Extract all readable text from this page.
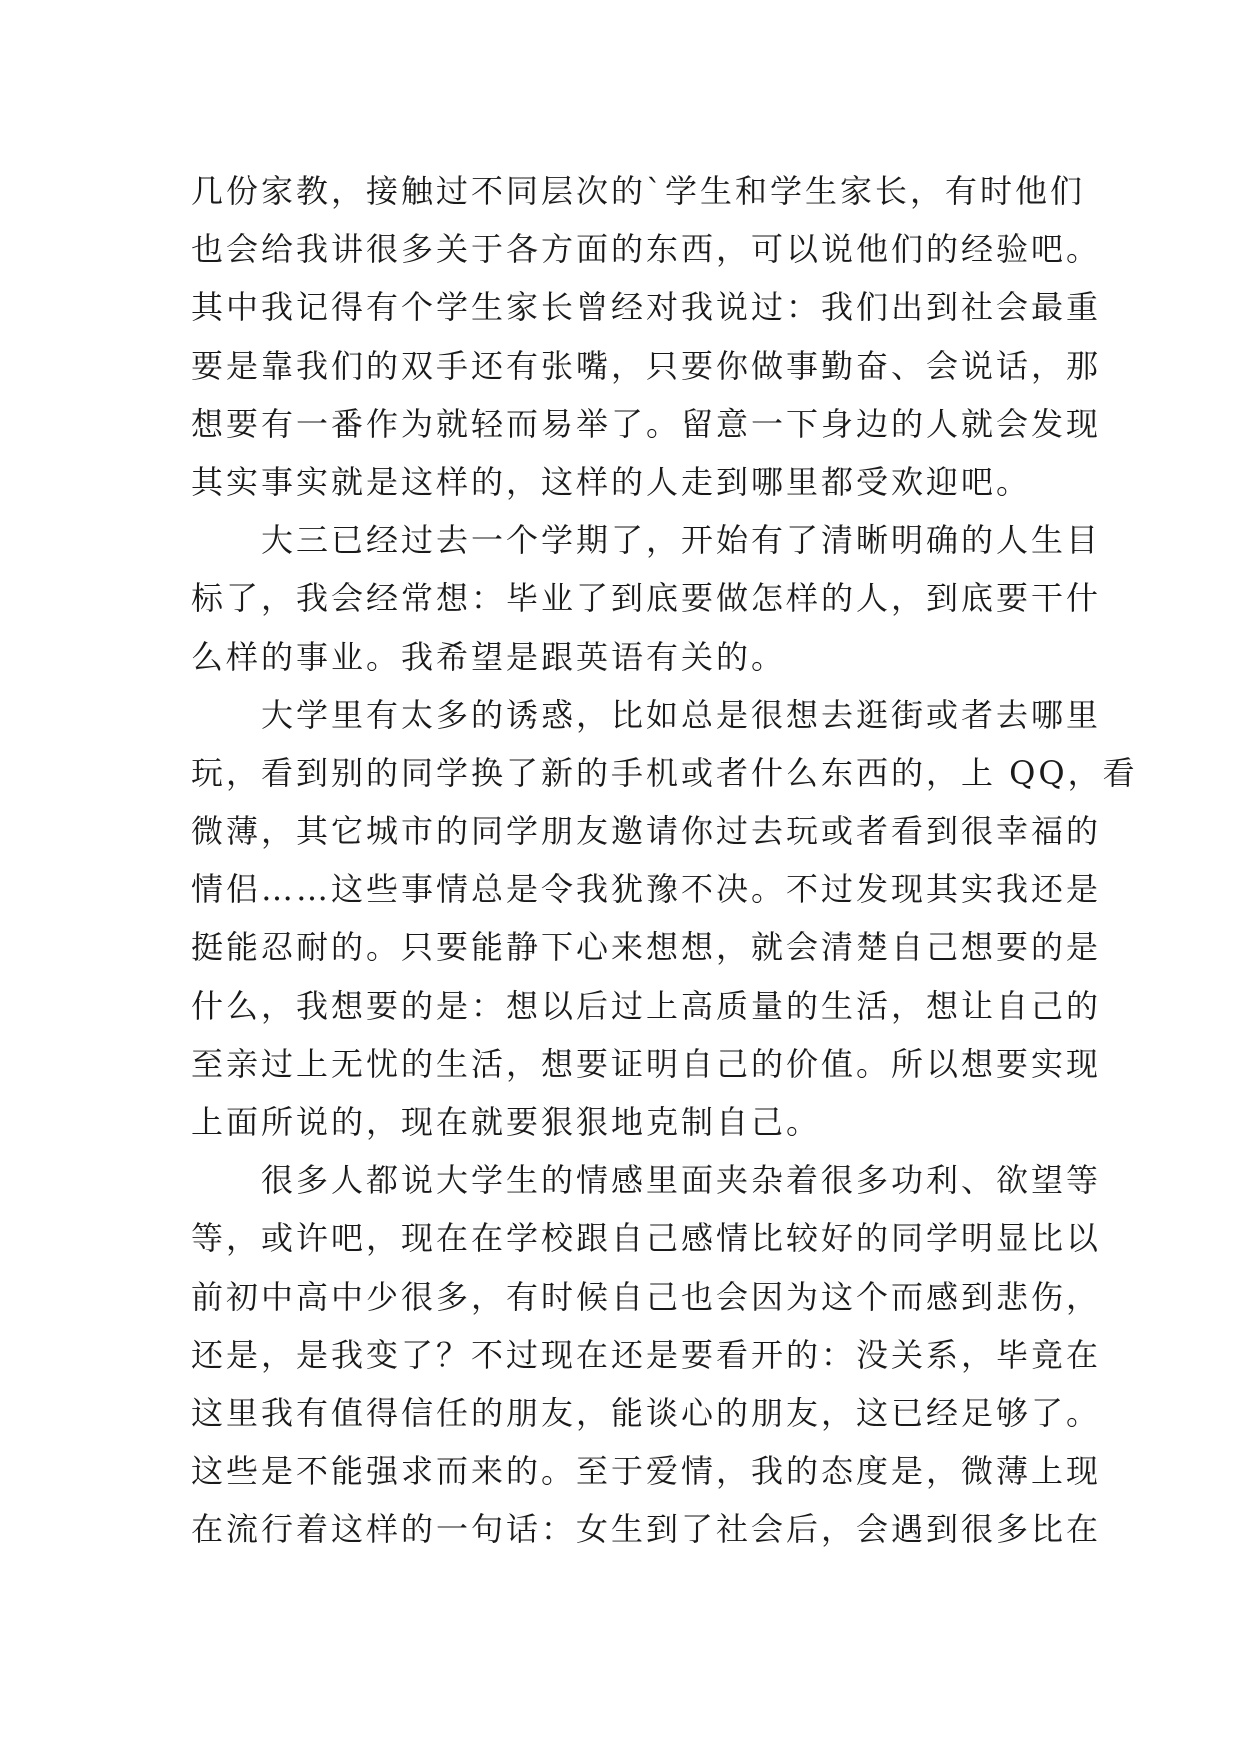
几份家教，接触过不同层次的`学生和学生家长，有时他们
也会给我讲很多关于各方面的东西，可以说他们的经验吧。
其中我记得有个学生家长曾经对我说过：我们出到社会最重
要是靠我们的双手还有张嘴，只要你做事勤奋、会说话，那
想要有一番作为就轻而易举了。留意一下身边的人就会发现
其实事实就是这样的，这样的人走到哪里都受欢迎吧。
　　大三已经过去一个学期了，开始有了清晰明确的人生目
标了，我会经常想：毕业了到底要做怎样的人，到底要干什
么样的事业。我希望是跟英语有关的。
　　大学里有太多的诱惑，比如总是很想去逛街或者去哪里
玩，看到别的同学换了新的手机或者什么东西的，上 QQ，看
微薄，其它城市的同学朋友邀请你过去玩或者看到很幸福的
情侣……这些事情总是令我犹豫不决。不过发现其实我还是
挺能忍耐的。只要能静下心来想想，就会清楚自己想要的是
什么，我想要的是：想以后过上高质量的生活，想让自己的
至亲过上无忧的生活，想要证明自己的价值。所以想要实现
上面所说的，现在就要狠狠地克制自己。
　　很多人都说大学生的情感里面夹杂着很多功利、欲望等
等，或许吧，现在在学校跟自己感情比较好的同学明显比以
前初中高中少很多，有时候自己也会因为这个而感到悲伤，
还是，是我变了？不过现在还是要看开的：没关系，毕竟在
这里我有值得信任的朋友，能谈心的朋友，这已经足够了。
这些是不能强求而来的。至于爱情，我的态度是，微薄上现
在流行着这样的一句话：女生到了社会后，会遇到很多比在
